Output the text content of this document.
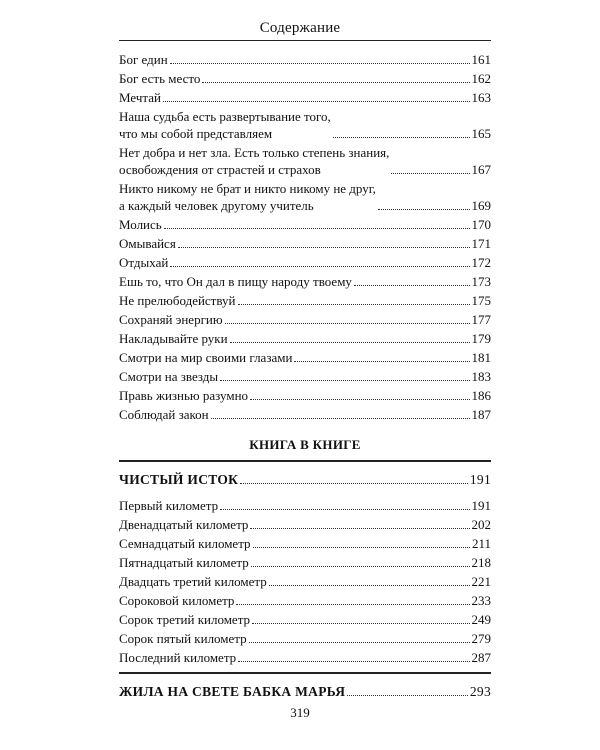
Содержание
Бог един	161
Бог есть место	162
Мечтай	163
Наша судьба есть развертывание того,
что мы собой представляем	165
Нет добра и нет зла. Есть только степень знания,
освобождения от страстей и страхов	167
Никто никому не брат и никто никому не друг,
а каждый человек другому учитель	169
Молись	170
Омывайся	171
Отдыхай	172
Ешь то, что Он дал в пищу народу твоему	173
Не прелюбодействуй	175
Сохраняй энергию	177
Накладывайте руки	179
Смотри на мир своими глазами	181
Смотри на звезды	183
Правь жизнью разумно	186
Соблюдай закон	187
КНИГА В КНИГЕ
ЧИСТЫЙ ИСТОК	191
Первый километр	191
Двенадцатый километр	202
Семнадцатый километр	211
Пятнадцатый километр	218
Двадцать третий километр	221
Сороковой километр	233
Сорок третий километр	249
Сорок пятый километр	279
Последний километр	287
ЖИЛА НА СВЕТЕ БАБКА МАРЬЯ	293
319
